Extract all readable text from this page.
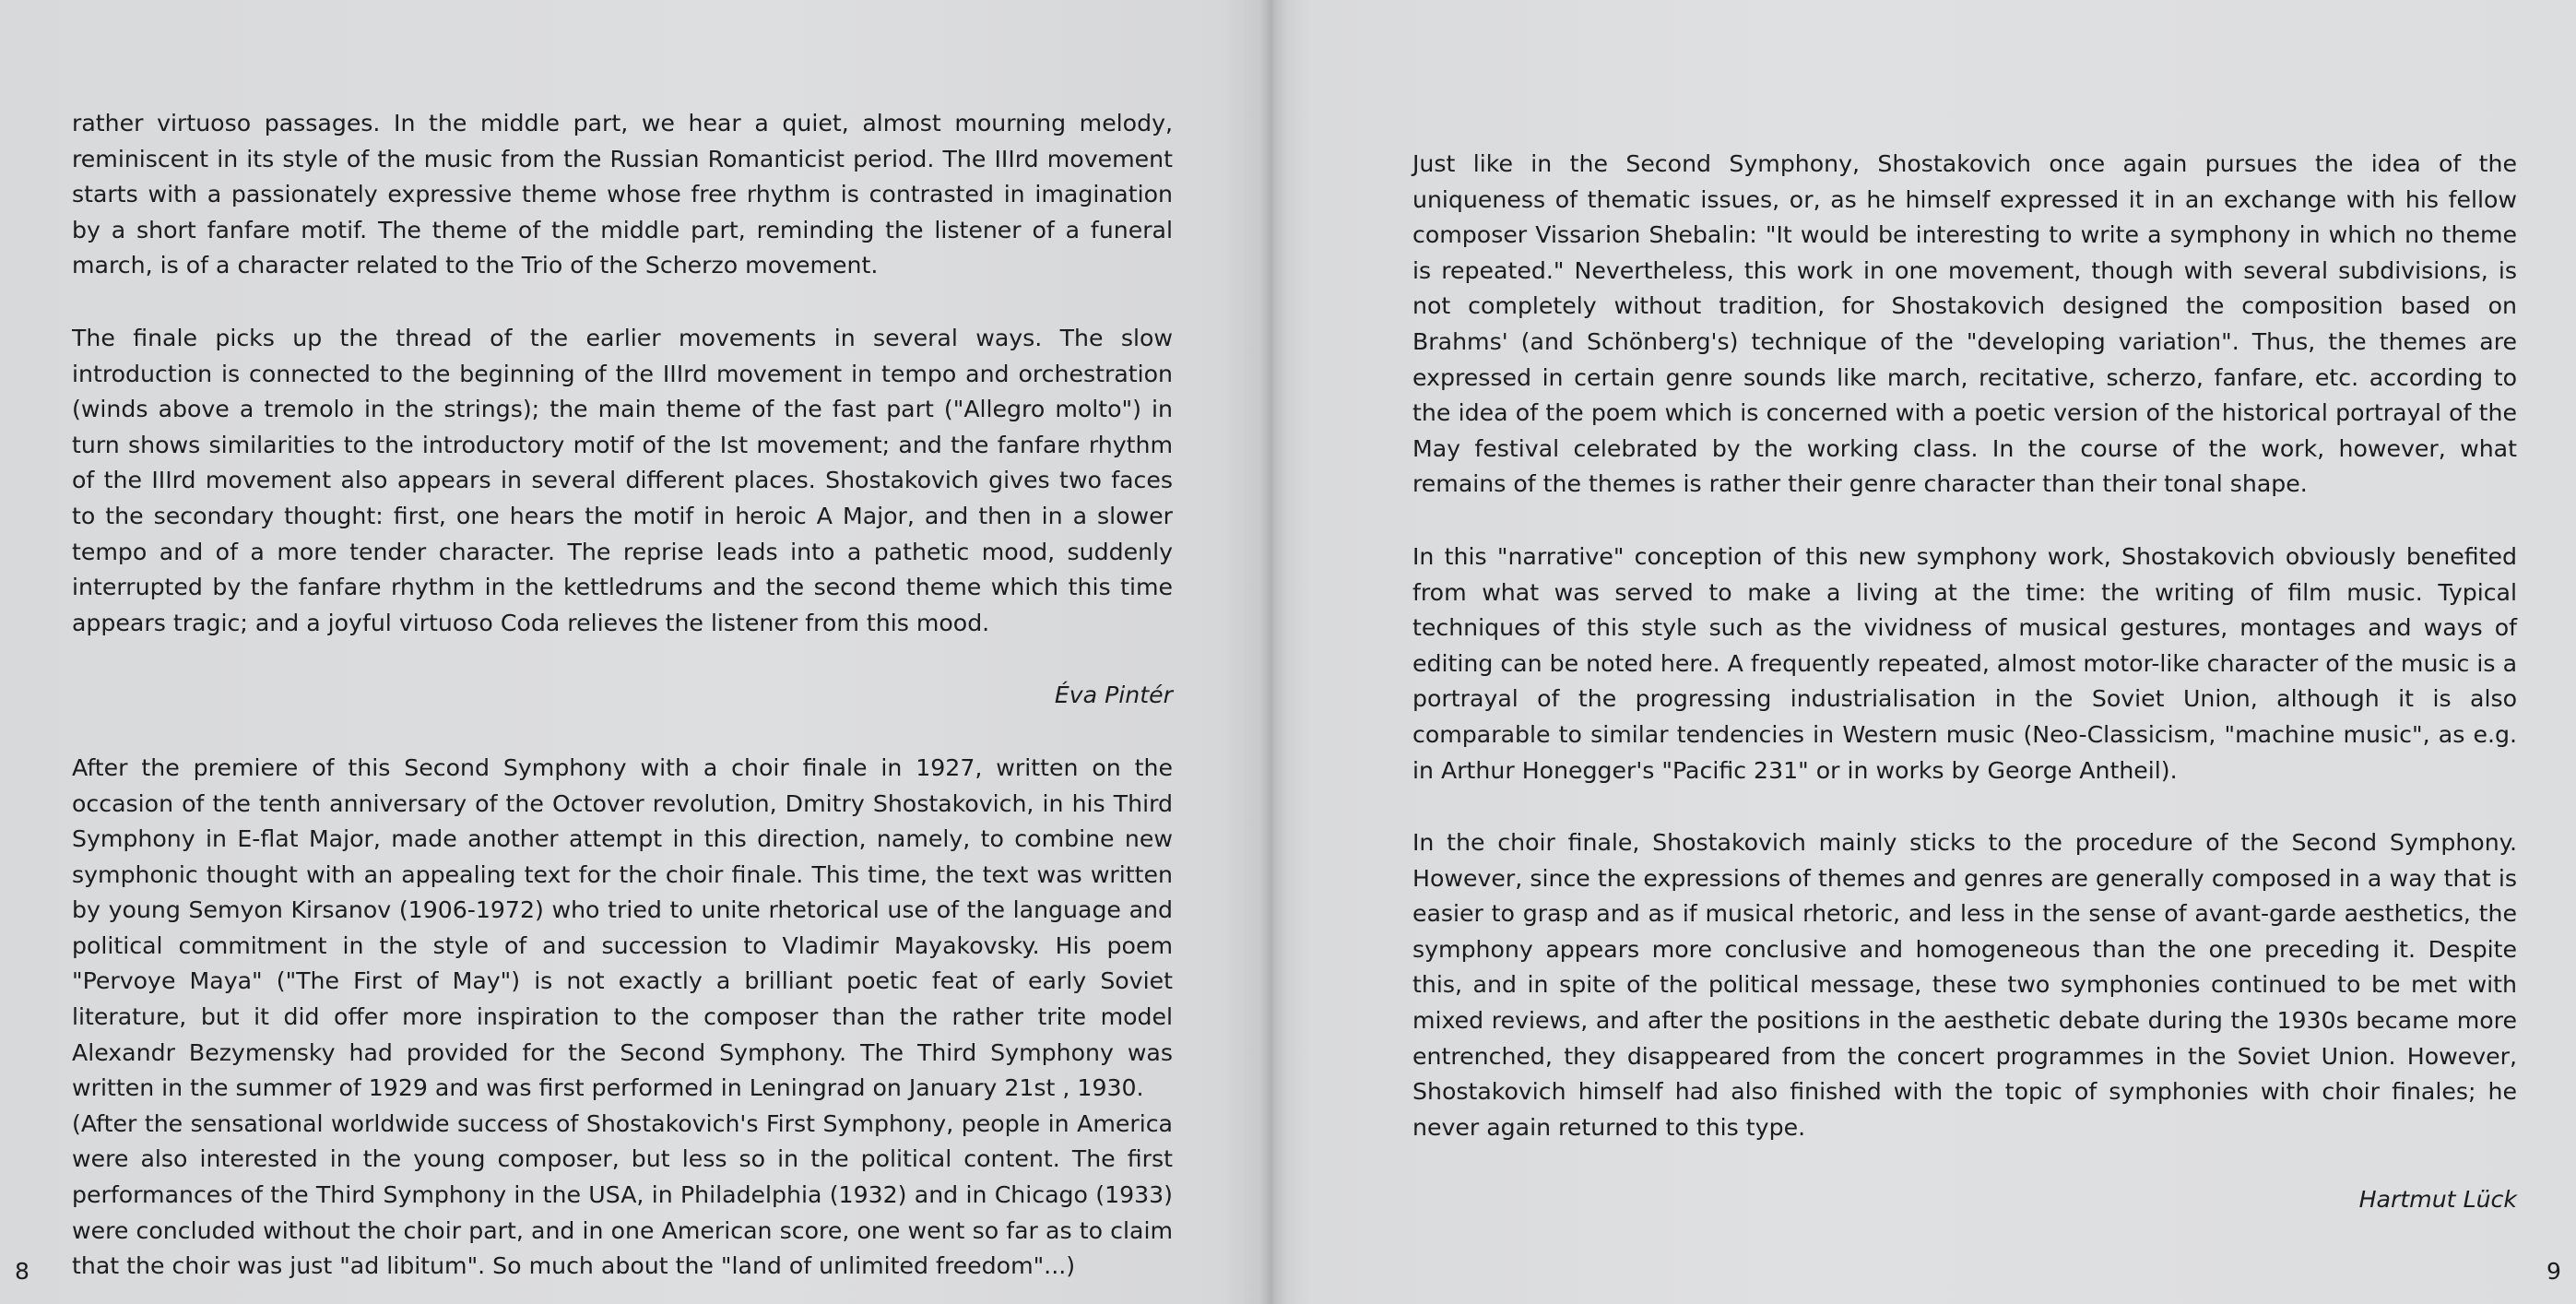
rather virtuoso passages. In the middle part, we hear a quiet, almost mourning melody, reminiscent in its style of the music from the Russian Romanticist period. The IIIrd movement starts with a passionately expressive theme whose free rhythm is contrasted in imagination by a short fanfare motif. The theme of the middle part, reminding the listener of a funeral march, is of a character related to the Trio of the Scherzo movement.

The finale picks up the thread of the earlier movements in several ways. The slow introduction is connected to the beginning of the IIIrd movement in tempo and orchestration (winds above a tremolo in the strings); the main theme of the fast part ("Allegro molto") in turn shows similarities to the introductory motif of the Ist movement; and the fanfare rhythm of the IIIrd movement also appears in several different places. Shostakovich gives two faces to the secondary thought: first, one hears the motif in heroic A Major, and then in a slower tempo and of a more tender character. The reprise leads into a pathetic mood, suddenly interrupted by the fanfare rhythm in the kettledrums and the second theme which this time appears tragic; and a joyful virtuoso Coda relieves the listener from this mood.

Éva Pintér

After the premiere of this Second Symphony with a choir finale in 1927, written on the occasion of the tenth anniversary of the Octover revolution, Dmitry Shostakovich, in his Third Symphony in E-flat Major, made another attempt in this direction, namely, to combine new symphonic thought with an appealing text for the choir finale. This time, the text was written by young Semyon Kirsanov (1906-1972) who tried to unite rhetorical use of the language and political commitment in the style of and succession to Vladimir Mayakovsky. His poem "Pervoye Maya" ("The First of May") is not exactly a brilliant poetic feat of early Soviet literature, but it did offer more inspiration to the composer than the rather trite model Alexandr Bezymensky had provided for the Second Symphony. The Third Symphony was written in the summer of 1929 and was first performed in Leningrad on January 21st , 1930.

(After the sensational worldwide success of Shostakovich's First Symphony, people in America were also interested in the young composer, but less so in the political content. The first performances of the Third Symphony in the USA, in Philadelphia (1932) and in Chicago (1933) were concluded without the choir part, and in one American score, one went so far as to claim that the choir was just "ad libitum". So much about the "land of unlimited freedom"...)

8

Just like in the Second Symphony, Shostakovich once again pursues the idea of the uniqueness of thematic issues, or, as he himself expressed it in an exchange with his fellow composer Vissarion Shebalin: "It would be interesting to write a symphony in which no theme is repeated." Nevertheless, this work in one movement, though with several subdivisions, is not completely without tradition, for Shostakovich designed the composition based on Brahms' (and Schönberg's) technique of the "developing variation". Thus, the themes are expressed in certain genre sounds like march, recitative, scherzo, fanfare, etc. according to the idea of the poem which is concerned with a poetic version of the historical portrayal of the May festival celebrated by the working class. In the course of the work, however, what remains of the themes is rather their genre character than their tonal shape.

In this "narrative" conception of this new symphony work, Shostakovich obviously benefited from what was served to make a living at the time: the writing of film music. Typical techniques of this style such as the vividness of musical gestures, montages and ways of editing can be noted here. A frequently repeated, almost motor-like character of the music is a portrayal of the progressing industrialisation in the Soviet Union, although it is also comparable to similar tendencies in Western music (Neo-Classicism, "machine music", as e.g. in Arthur Honegger's "Pacific 231" or in works by George Antheil).

In the choir finale, Shostakovich mainly sticks to the procedure of the Second Symphony. However, since the expressions of themes and genres are generally composed in a way that is easier to grasp and as if musical rhetoric, and less in the sense of avant-garde aesthetics, the symphony appears more conclusive and homogeneous than the one preceding it. Despite this, and in spite of the political message, these two symphonies continued to be met with mixed reviews, and after the positions in the aesthetic debate during the 1930s became more entrenched, they disappeared from the concert programmes in the Soviet Union. However, Shostakovich himself had also finished with the topic of symphonies with choir finales; he never again returned to this type.

Hartmut Lück
9
